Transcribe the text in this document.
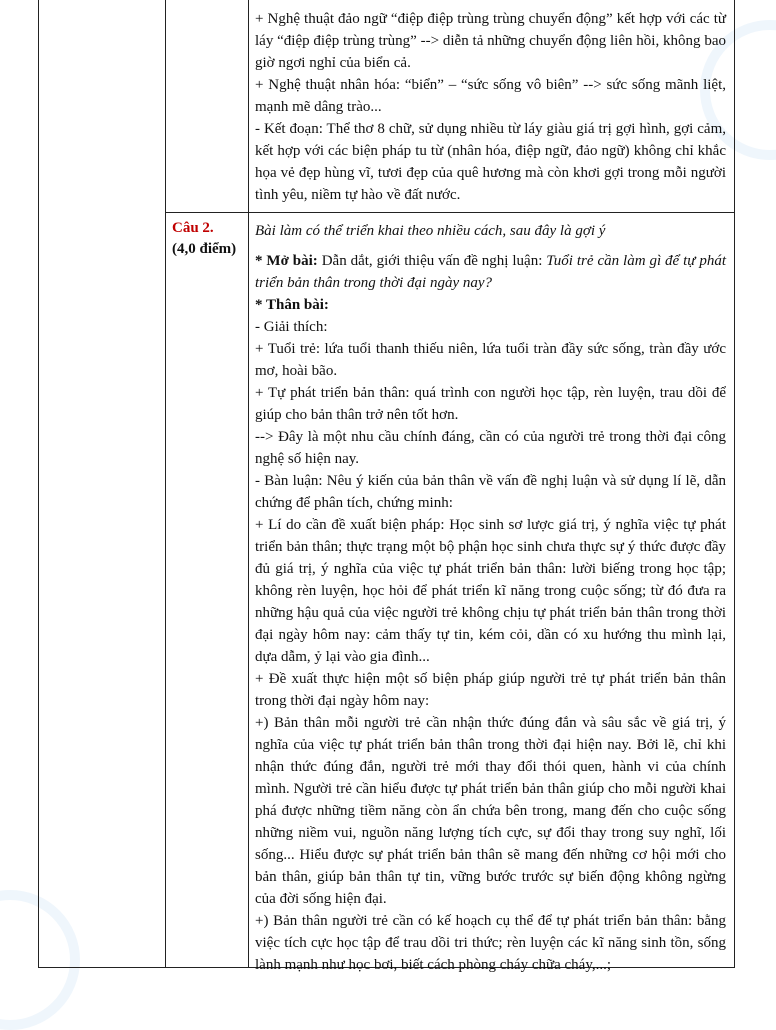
+ Nghệ thuật đảo ngữ “điệp điệp trùng trùng chuyển động” kết hợp với các từ láy “điệp điệp trùng trùng” --> diễn tả những chuyển động liên hồi, không bao giờ ngơi nghỉ của biển cả.

+ Nghệ thuật nhân hóa: “biển” – “sức sống vô biên” --> sức sống mãnh liệt, mạnh mẽ dâng trào...

- Kết đoạn: Thể thơ 8 chữ, sử dụng nhiều từ láy giàu giá trị gợi hình, gợi cảm, kết hợp với các biện pháp tu từ (nhân hóa, điệp ngữ, đảo ngữ) không chỉ khắc họa vẻ đẹp hùng vĩ, tươi đẹp của quê hương mà còn khơi gợi trong mỗi người tình yêu, niềm tự hào về đất nước.

Câu 2.
(4,0 điểm)

Bài làm có thể triển khai theo nhiều cách, sau đây là gợi ý

* Mở bài: Dẫn dắt, giới thiệu vấn đề nghị luận: Tuổi trẻ cần làm gì để tự phát triển bản thân trong thời đại ngày nay?

* Thân bài:

- Giải thích:

+ Tuổi trẻ: lứa tuổi thanh thiếu niên, lứa tuổi tràn đầy sức sống, tràn đầy ước mơ, hoài bão.

+ Tự phát triển bản thân: quá trình con người học tập, rèn luyện, trau dồi để giúp cho bản thân trở nên tốt hơn.

--> Đây là một nhu cầu chính đáng, cần có của người trẻ trong thời đại công nghệ số hiện nay.

- Bàn luận: Nêu ý kiến của bản thân về vấn đề nghị luận và sử dụng lí lẽ, dẫn chứng để phân tích, chứng minh:

+ Lí do cần đề xuất biện pháp: Học sinh sơ lược giá trị, ý nghĩa việc tự phát triển bản thân; thực trạng một bộ phận học sinh chưa thực sự ý thức được đầy đủ giá trị, ý nghĩa của việc tự phát triển bản thân: lười biếng trong học tập; không rèn luyện, học hỏi để phát triển kĩ năng trong cuộc sống; từ đó đưa ra những hậu quả của việc người trẻ không chịu tự phát triển bản thân trong thời đại ngày hôm nay: cảm thấy tự tin, kém cỏi, dần có xu hướng thu mình lại, dựa dẫm, ỷ lại vào gia đình...

+ Đề xuất thực hiện một số biện pháp giúp người trẻ tự phát triển bản thân trong thời đại ngày hôm nay:

+) Bản thân mỗi người trẻ cần nhận thức đúng đắn và sâu sắc về giá trị, ý nghĩa của việc tự phát triển bản thân trong thời đại hiện nay. Bởi lẽ, chỉ khi nhận thức đúng đắn, người trẻ mới thay đổi thói quen, hành vi của chính mình. Người trẻ cần hiểu được tự phát triển bản thân giúp cho mỗi người khai phá được những tiềm năng còn ẩn chứa bên trong, mang đến cho cuộc sống những niềm vui, nguồn năng lượng tích cực, sự đổi thay trong suy nghĩ, lối sống... Hiểu được sự phát triển bản thân sẽ mang đến những cơ hội mới cho bản thân, giúp bản thân tự tin, vững bước trước sự biến động không ngừng của đời sống hiện đại.

+) Bản thân người trẻ cần có kế hoạch cụ thể để tự phát triển bản thân: bằng việc tích cực học tập để trau dồi tri thức; rèn luyện các kĩ năng sinh tồn, sống lành mạnh như học bơi, biết cách phòng cháy chữa cháy,...;
